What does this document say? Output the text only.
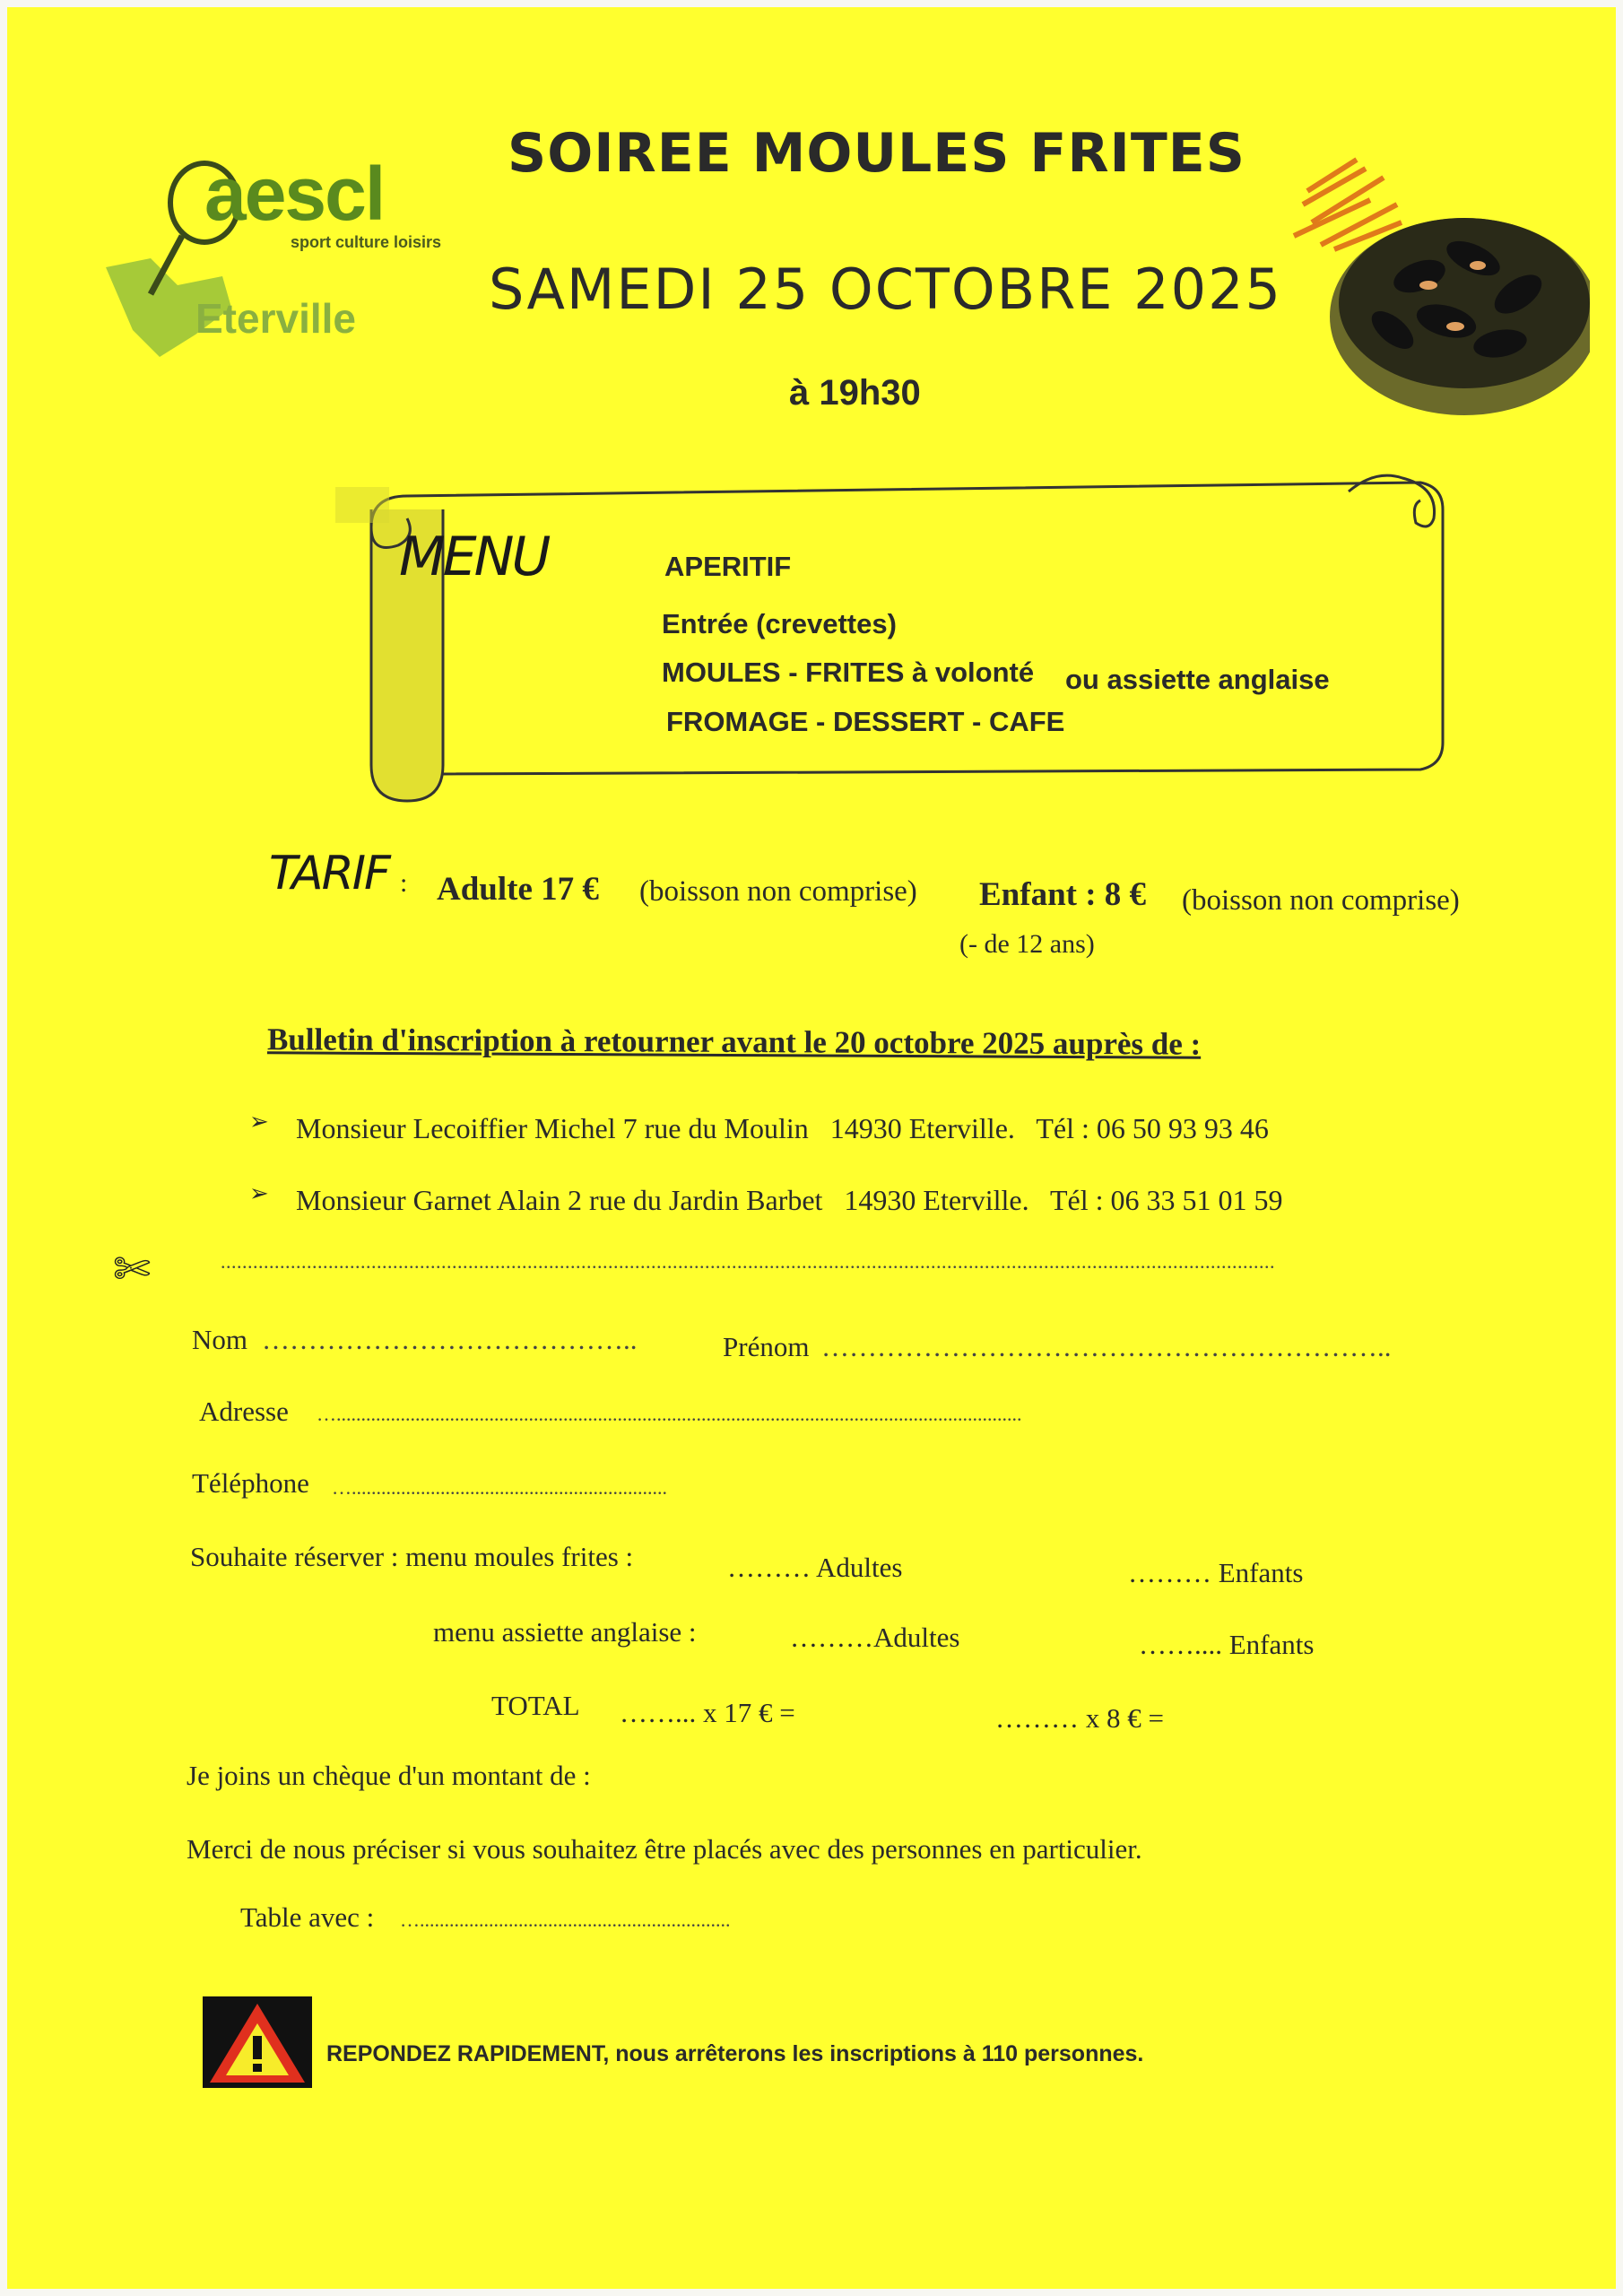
aescl
sport culture loisirs
Eterville
SOIREE MOULES FRITES
SAMEDI 25 OCTOBRE 2025
à 19h30
MENU	APERITIF
Entrée (crevettes)
MOULES - FRITES à volonté ou assiette anglaise
FROMAGE - DESSERT - CAFE
TARIF : Adulte 17 € (boisson non comprise) Enfant : 8 € (boisson non comprise)
(- de 12 ans)
Bulletin d'inscription à retourner avant le 20 octobre 2025 auprès de :
➢ Monsieur Lecoiffier Michel 7 rue du Moulin   14930 Eterville.   Tél : 06 50 93 93 46
➢ Monsieur Garnet Alain 2 rue du Jardin Barbet   14930 Eterville.   Tél : 06 33 51 01 59
✄	....................................................................................................................................................................................................
Nom …………………………………..	Prénom ……………………………………………………..
Adresse …...........................................................................................................................................
Téléphone …................................................................
Souhaite réserver : menu moules frites :	……… Adultes	……… Enfants
menu assiette anglaise :	………Adultes	…….... Enfants
TOTAL ……... x 17 € =	……… x 8 € =
Je joins un chèque d'un montant de :
Merci de nous préciser si vous souhaitez être placés avec des personnes en particulier.
Table avec : …...............................................................
REPONDEZ RAPIDEMENT, nous arrêterons les inscriptions à 110 personnes.
